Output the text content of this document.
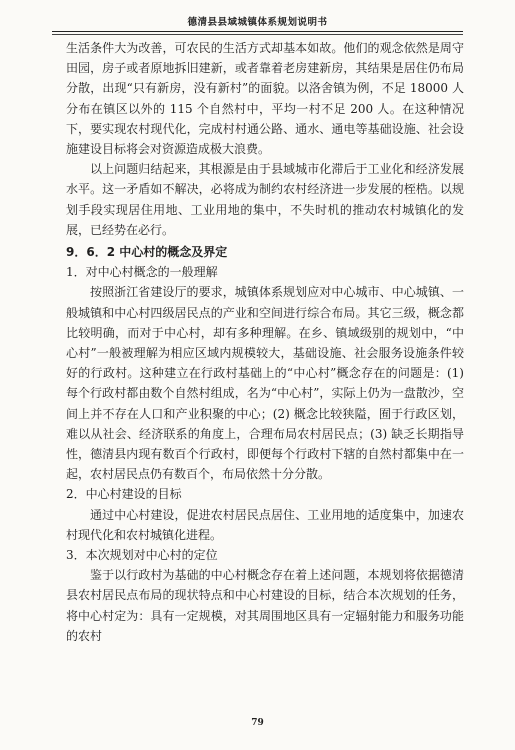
德清县县域城镇体系规划说明书

生活条件大为改善，可农民的生活方式却基本如故。他们的观念依然是周守田园，房子或者原地拆旧建新，或者靠着老房建新房，其结果是居住仍布局分散，出现“只有新房，没有新村”的面貌。以洛舍镇为例，不足 18000 人分布在镇区以外的 115 个自然村中，平均一村不足 200 人。在这种情况下，要实现农村现代化，完成村村通公路、通水、通电等基础设施、社会设施建设目标将会对资源造成极大浪费。

以上问题归结起来，其根源是由于县域城市化滞后于工业化和经济发展水平。这一矛盾如不解决，必将成为制约农村经济进一步发展的桎梏。以规划手段实现居住用地、工业用地的集中，不失时机的推动农村城镇化的发展，已经势在必行。

9．6．2 中心村的概念及界定
1．对中心村概念的一般理解

按照浙江省建设厅的要求，城镇体系规划应对中心城市、中心城镇、一般城镇和中心村四级居民点的产业和空间进行综合布局。其它三级，概念都比较明确，而对于中心村，却有多种理解。在乡、镇域级别的规划中，“中心村”一般被理解为相应区域内规模较大，基础设施、社会服务设施条件较好的行政村。这种建立在行政村基础上的“中心村”概念存在的问题是：(1) 每个行政村都由数个自然村组成，名为“中心村”，实际上仍为一盘散沙，空间上并不存在人口和产业积聚的中心；(2) 概念比较狭隘，囿于行政区划，难以从社会、经济联系的角度上，合理布局农村居民点；(3) 缺乏长期指导性，德清县内现有数百个行政村，即便每个行政村下辖的自然村都集中在一起，农村居民点仍有数百个，布局依然十分分散。

2．中心村建设的目标

通过中心村建设，促进农村居民点居住、工业用地的适度集中，加速农村现代化和农村城镇化进程。

3．本次规划对中心村的定位

鉴于以行政村为基础的中心村概念存在着上述问题，本规划将依据德清县农村居民点布局的现状特点和中心村建设的目标，结合本次规划的任务，将中心村定为：具有一定规模，对其周围地区具有一定辐射能力和服务功能的农村

79
